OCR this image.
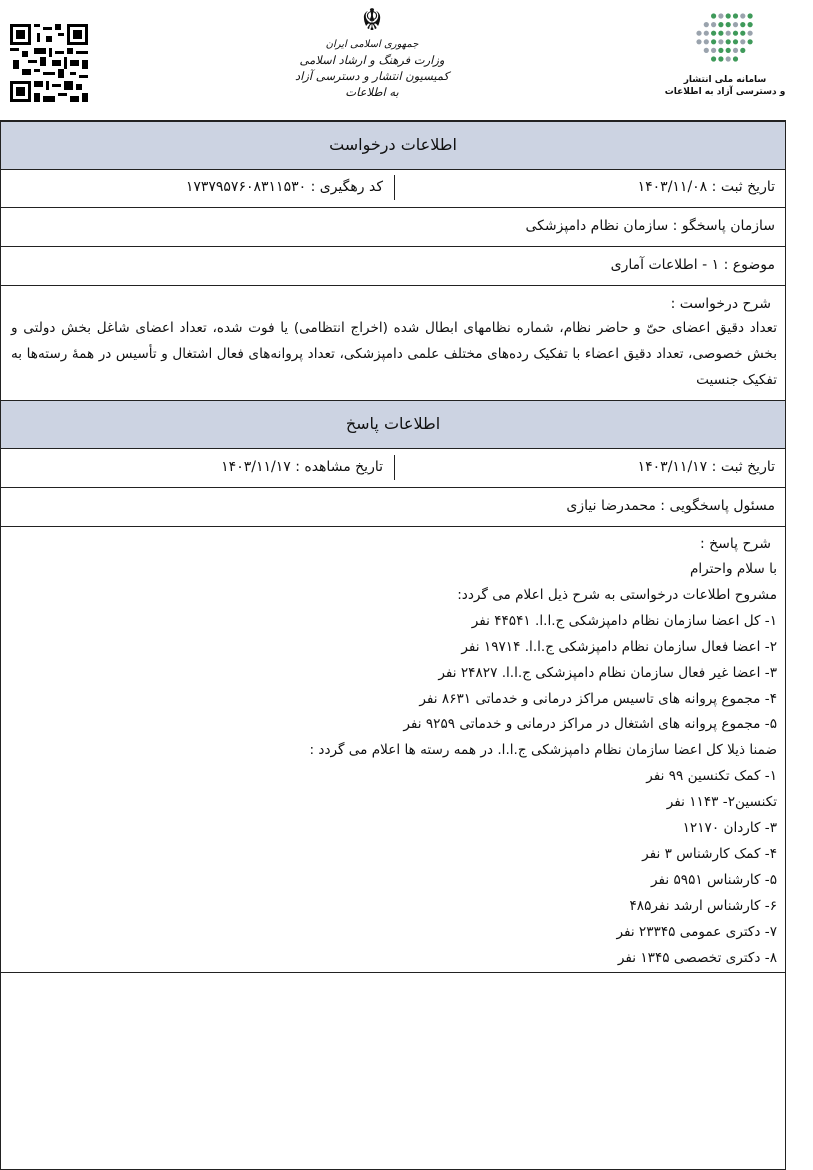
☬
جمهوری اسلامی ایران
وزارت فرهنگ و ارشاد اسلامی
کمیسیون انتشار و دسترسی آزاد به اطلاعات
سامانه ملی انتشار
و دسترسی آزاد به اطلاعات
اطلاعات درخواست
تاریخ ثبت : ۱۴۰۳/۱۱/۰۸
کد رهگیری : ۱۷۳۷۹۵۷۶۰۸۳۱۱۵۳۰
سازمان پاسخگو : سازمان نظام دامپزشکی
موضوع : ۱ - اطلاعات آماری
شرح درخواست :
تعداد دقیق اعضای حیّ و حاضر نظام، شماره نظامهای ابطال شده (اخراج انتظامی) یا فوت شده، تعداد اعضای شاغل بخش دولتی و بخش خصوصی، تعداد دقیق اعضاء با تفکیک رده‌های مختلف علمی دامپزشکی، تعداد پروانه‌های فعال اشتغال و تأسیس در همهٔ رسته‌ها به تفکیک جنسیت
اطلاعات پاسخ
تاریخ ثبت : ۱۴۰۳/۱۱/۱۷
تاریخ مشاهده : ۱۴۰۳/۱۱/۱۷
مسئول پاسخگویی : محمدرضا نیازی
شرح پاسخ :
با سلام واحترام
مشروح اطلاعات درخواستی به شرح ذیل اعلام می گردد:
۱- کل اعضا سازمان نظام دامپزشکی ج.ا.ا. ۴۴۵۴۱ نفر
۲- اعضا فعال سازمان نظام دامپزشکی ج.ا.ا. ۱۹۷۱۴ نفر
۳- اعضا غیر فعال سازمان نظام دامپزشکی ج.ا.ا. ۲۴۸۲۷ نفر
۴- مجموع پروانه های تاسیس مراکز درمانی و خدماتی ۸۶۳۱ نفر
۵- مجموع پروانه های اشتغال در مراکز درمانی و خدماتی ۹۲۵۹ نفر
ضمنا ذیلا کل اعضا سازمان نظام دامپزشکی ج.ا.ا. در همه رسته ها اعلام می گردد :
۱- کمک تکنسین ۹۹ نفر
تکنسین۲- ۱۱۴۳ نفر
۳- کاردان ۱۲۱۷۰
۴- کمک کارشناس ۳ نفر
۵- کارشناس ۵۹۵۱ نفر
۶- کارشناس ارشد نفر۴۸۵
۷- دکتری عمومی ۲۳۳۴۵ نفر
۸- دکتری تخصصی ۱۳۴۵ نفر
